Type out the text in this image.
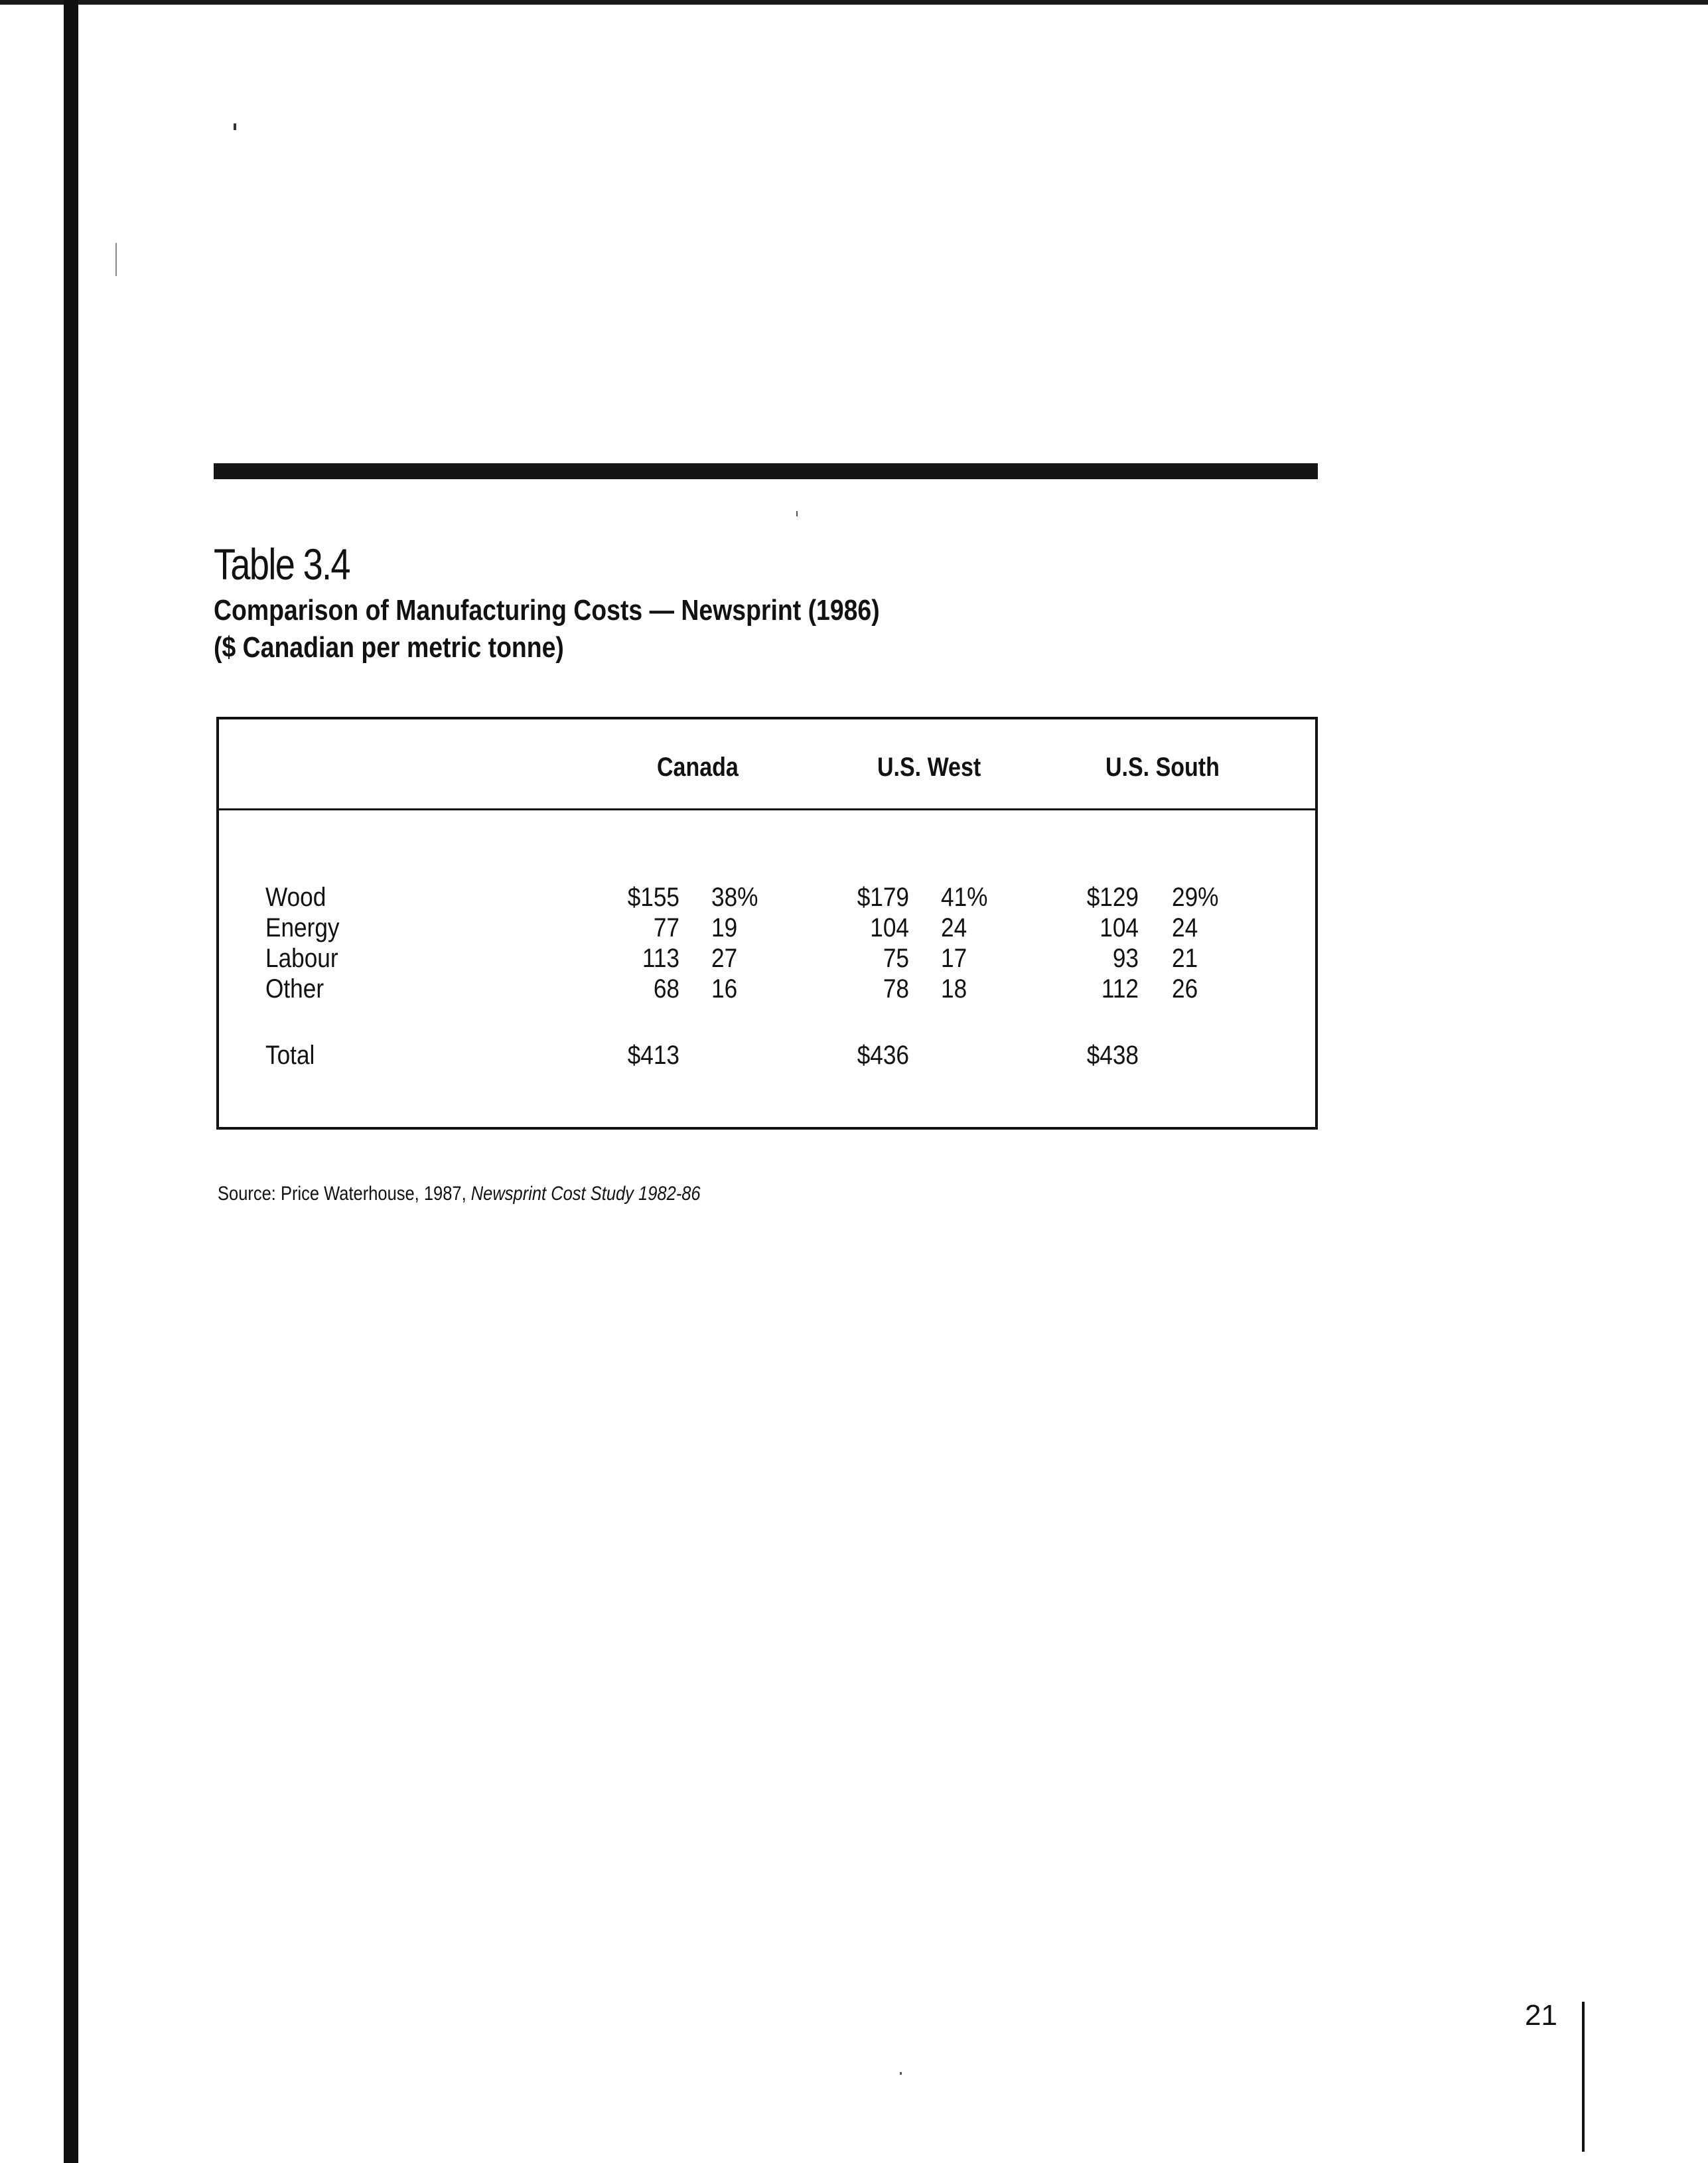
Table 3.4
Comparison of Manufacturing Costs — Newsprint (1986)
($ Canadian per metric tonne)
Canada	U.S. West	U.S. South
Wood	$155 38%	$179 41%	$129 29%
Energy	77 19	104 24	104 24
Labour	113 27	75 17	93 21
Other	68 16	78 18	112 26
Total	$413	$436	$438
Source: Price Waterhouse, 1987, Newsprint Cost Study 1982-86
21
